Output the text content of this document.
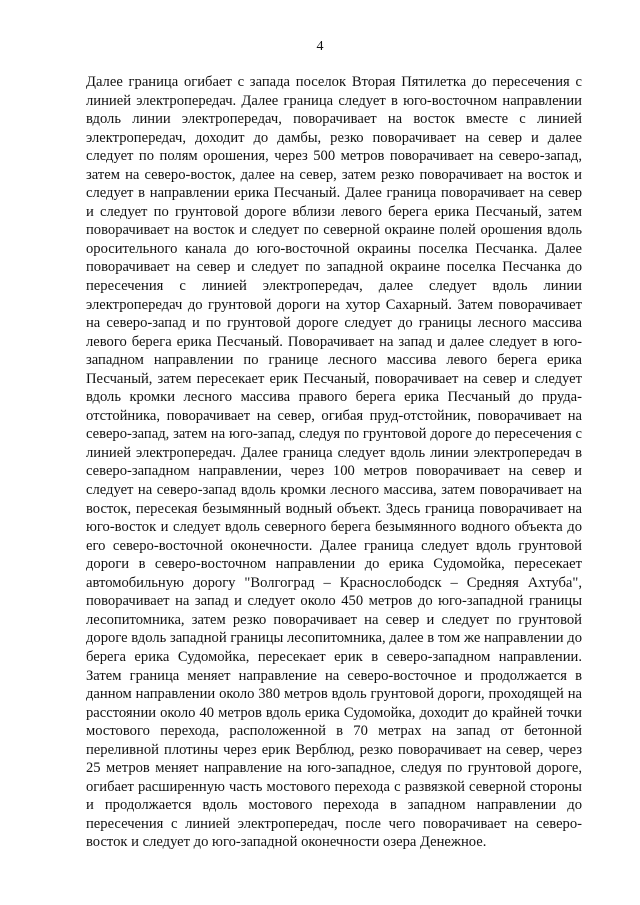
4

Далее граница огибает с запада поселок Вторая Пятилетка до пересечения с линией электропередач. Далее граница следует в юго-восточном направлении вдоль линии электропередач, поворачивает на восток вместе с линией электропередач, доходит до дамбы, резко поворачивает на север и далее следует по полям орошения, через 500 метров поворачивает на северо-запад, затем на северо-восток, далее на север, затем резко поворачивает на восток и следует в направлении ерика Песчаный. Далее граница поворачивает на север и следует по грунтовой дороге вблизи левого берега ерика Песчаный, затем поворачивает на восток и следует по северной окраине полей орошения вдоль оросительного канала до юго-восточной окраины поселка Песчанка. Далее поворачивает на север и следует по западной окраине поселка Песчанка до пересечения с линией электропередач, далее следует вдоль линии электропередач до грунтовой дороги на хутор Сахарный. Затем поворачивает на северо-запад и по грунтовой дороге следует до границы лесного массива левого берега ерика Песчаный. Поворачивает на запад и далее следует в юго-западном направлении по границе лесного массива левого берега ерика Песчаный, затем пересекает ерик Песчаный, поворачивает на север и следует вдоль кромки лесного массива правого берега ерика Песчаный до пруда-отстойника, поворачивает на север, огибая пруд-отстойник, поворачивает на северо-запад, затем на юго-запад, следуя по грунтовой дороге до пересечения с линией электропередач. Далее граница следует вдоль линии электропередач в северо-западном направлении, через 100 метров поворачивает на север и следует на северо-запад вдоль кромки лесного массива, затем поворачивает на восток, пересекая безымянный водный объект. Здесь граница поворачивает на юго-восток и следует вдоль северного берега безымянного водного объекта до его северо-восточной оконечности. Далее граница следует вдоль грунтовой дороги в северо-восточном направлении до ерика Судомойка, пересекает автомобильную дорогу "Волгоград – Краснослободск – Средняя Ахтуба", поворачивает на запад и следует около 450 метров до юго-западной границы лесопитомника, затем резко поворачивает на север и следует по грунтовой дороге вдоль западной границы лесопитомника, далее в том же направлении до берега ерика Судомойка, пересекает ерик в северо-западном направлении. Затем граница меняет направление на северо-восточное и продолжается в данном направлении около 380 метров вдоль грунтовой дороги, проходящей на расстоянии около 40 метров вдоль ерика Судомойка, доходит до крайней точки мостового перехода, расположенной в 70 метрах на запад от бетонной переливной плотины через ерик Верблюд, резко поворачивает на север, через 25 метров меняет направление на юго-западное, следуя по грунтовой дороге, огибает расширенную часть мостового перехода с развязкой северной стороны и продолжается вдоль мостового перехода в западном направлении до пересечения с линией электропередач, после чего поворачивает на северо-восток и следует до юго-западной оконечности озера Денежное.
